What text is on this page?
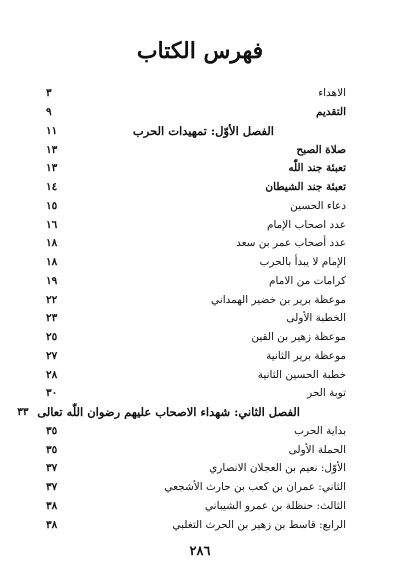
فهرس الكتاب
الاهداء
٣
التقديم
٩
الفصل الأوّل: تمهيدات الحرب
١١
صلاة الصبح
١٣
تعبئة جند اللّٰه
١٣
تعبئة جند الشيطان
١٤
دعاء الحسين
١٥
عدد اصحاب الإمام
١٦
عدد أصحاب عمر بن سعد
١٨
الإمام لا يبدأ بالحرب
١٨
كرامات من الامام
١٩
موعظة برير بن خضير الهمداني
٢٢
الخطبة الأولى
٢٣
موعظة زهير بن القين
٢٥
موعظة برير الثانية
٢٧
خطبة الحسين الثانية
٢٨
توبة الحر
٣٠
الفصل الثاني: شهداء الاصحاب عليهم رضوان اللّٰه تعالى
٣٣
بداية الحرب
٣٥
الحملة الأولى
٣٥
الأوّل: نعيم بن العجلان الانصاري
٣٧
الثاني: عمران بن كعب بن حارث الأشجعي
٣٧
الثالث: حنظلة بن عمرو الشيباني
٣٨
الرابع: قاسط بن زهير بن الحرث التغلبي
٣٨
٢٨٦
